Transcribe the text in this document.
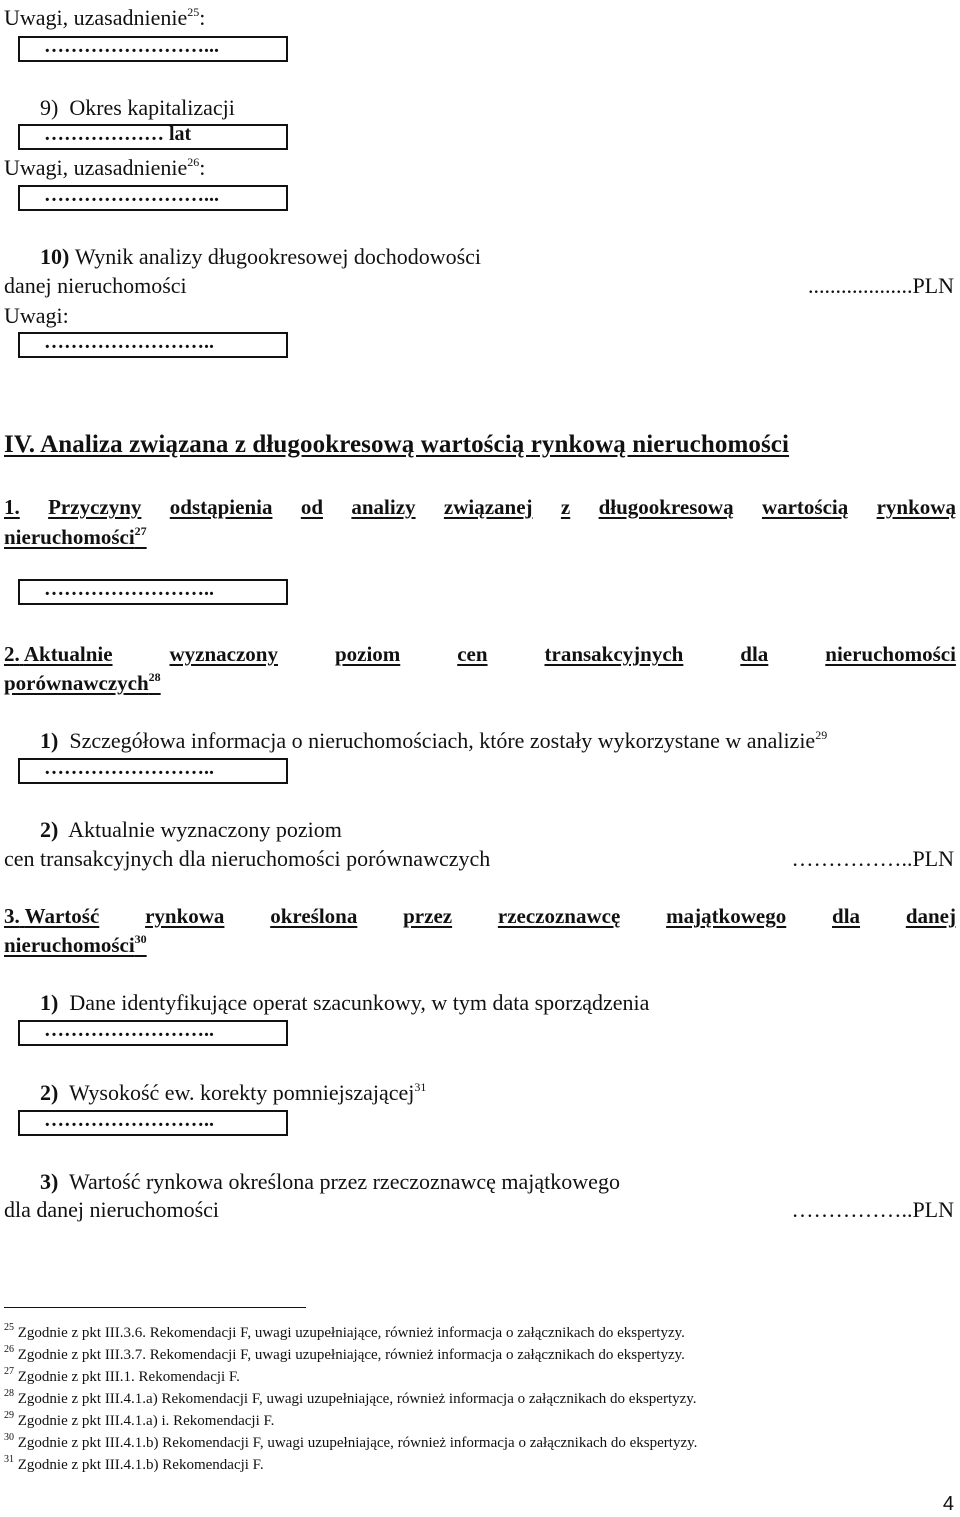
Uwagi, uzasadnienie$^{25}$:
……………………...
9) Okres kapitalizacji
……………… lat
Uwagi, uzasadnienie$^{26}$:
……………………...
10) Wynik analizy długookresowej dochodowości
danej nieruchomości	...................PLN
Uwagi:
……………………..
IV. Analiza związana z długookresową wartością rynkową nieruchomości
1. Przyczyny odstąpienia od analizy związanej z długookresową wartością rynkową
nieruchomości$^{27}$
……………………..
2. Aktualnie	wyznaczony	poziom	cen	transakcyjnych	dla	nieruchomości
porównawczych$^{28}$
1) Szczegółowa informacja o nieruchomościach, które zostały wykorzystane w analizie$^{29}$
……………………..
2) Aktualnie wyznaczony poziom
cen transakcyjnych dla nieruchomości porównawczych	……………..PLN
3. Wartość rynkowa określona przez rzeczoznawcę majątkowego dla danej
nieruchomości$^{30}$
1) Dane identyfikujące operat szacunkowy, w tym data sporządzenia
……………………..
2) Wysokość ew. korekty pomniejszającej$^{31}$
……………………..
3) Wartość rynkowa określona przez rzeczoznawcę majątkowego
dla danej nieruchomości	……………..PLN
$^{25}$ Zgodnie z pkt III.3.6. Rekomendacji F, uwagi uzupełniające, również informacja o załącznikach do ekspertyzy.
$^{26}$ Zgodnie z pkt III.3.7. Rekomendacji F, uwagi uzupełniające, również informacja o załącznikach do ekspertyzy.
$^{27}$ Zgodnie z pkt III.1. Rekomendacji F.
$^{28}$ Zgodnie z pkt III.4.1.a) Rekomendacji F, uwagi uzupełniające, również informacja o załącznikach do ekspertyzy.
$^{29}$ Zgodnie z pkt III.4.1.a) i. Rekomendacji F.
$^{30}$ Zgodnie z pkt III.4.1.b) Rekomendacji F, uwagi uzupełniające, również informacja o załącznikach do ekspertyzy.
$^{31}$ Zgodnie z pkt III.4.1.b) Rekomendacji F.
4
